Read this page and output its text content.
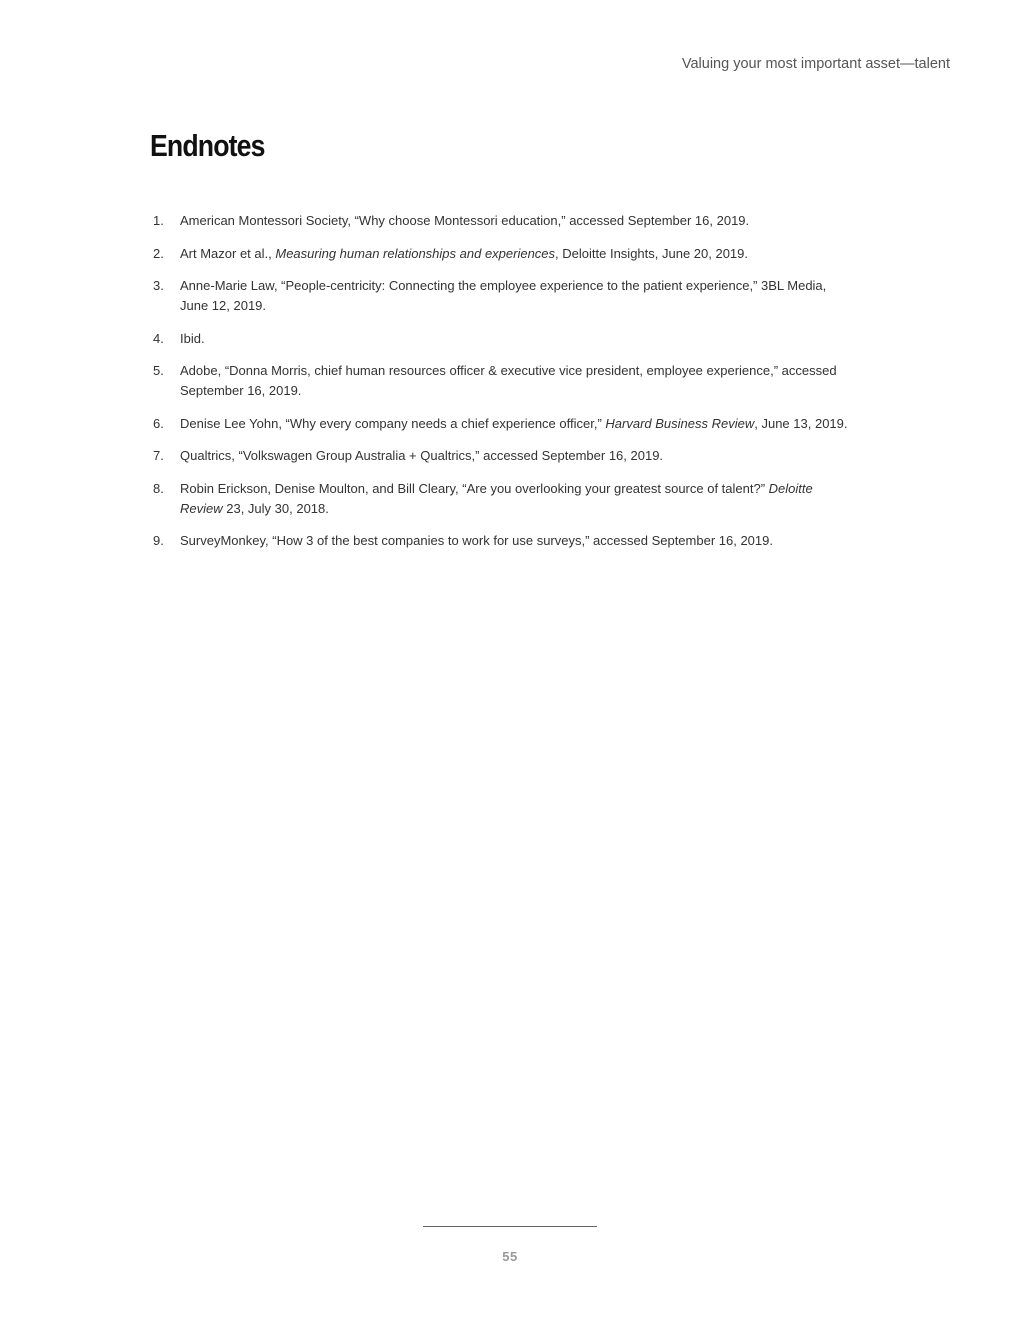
Valuing your most important asset—talent
Endnotes
1.	American Montessori Society, “Why choose Montessori education,” accessed September 16, 2019.
2.	Art Mazor et al., Measuring human relationships and experiences, Deloitte Insights, June 20, 2019.
3.	Anne-Marie Law, “People-centricity: Connecting the employee experience to the patient experience,” 3BL Media, June 12, 2019.
4.	Ibid.
5.	Adobe, “Donna Morris, chief human resources officer & executive vice president, employee experience,” accessed September 16, 2019.
6.	Denise Lee Yohn, “Why every company needs a chief experience officer,” Harvard Business Review, June 13, 2019.
7.	Qualtrics, “Volkswagen Group Australia + Qualtrics,” accessed September 16, 2019.
8.	Robin Erickson, Denise Moulton, and Bill Cleary, “Are you overlooking your greatest source of talent?” Deloitte Review 23, July 30, 2018.
9.	SurveyMonkey, “How 3 of the best companies to work for use surveys,” accessed September 16, 2019.
55
